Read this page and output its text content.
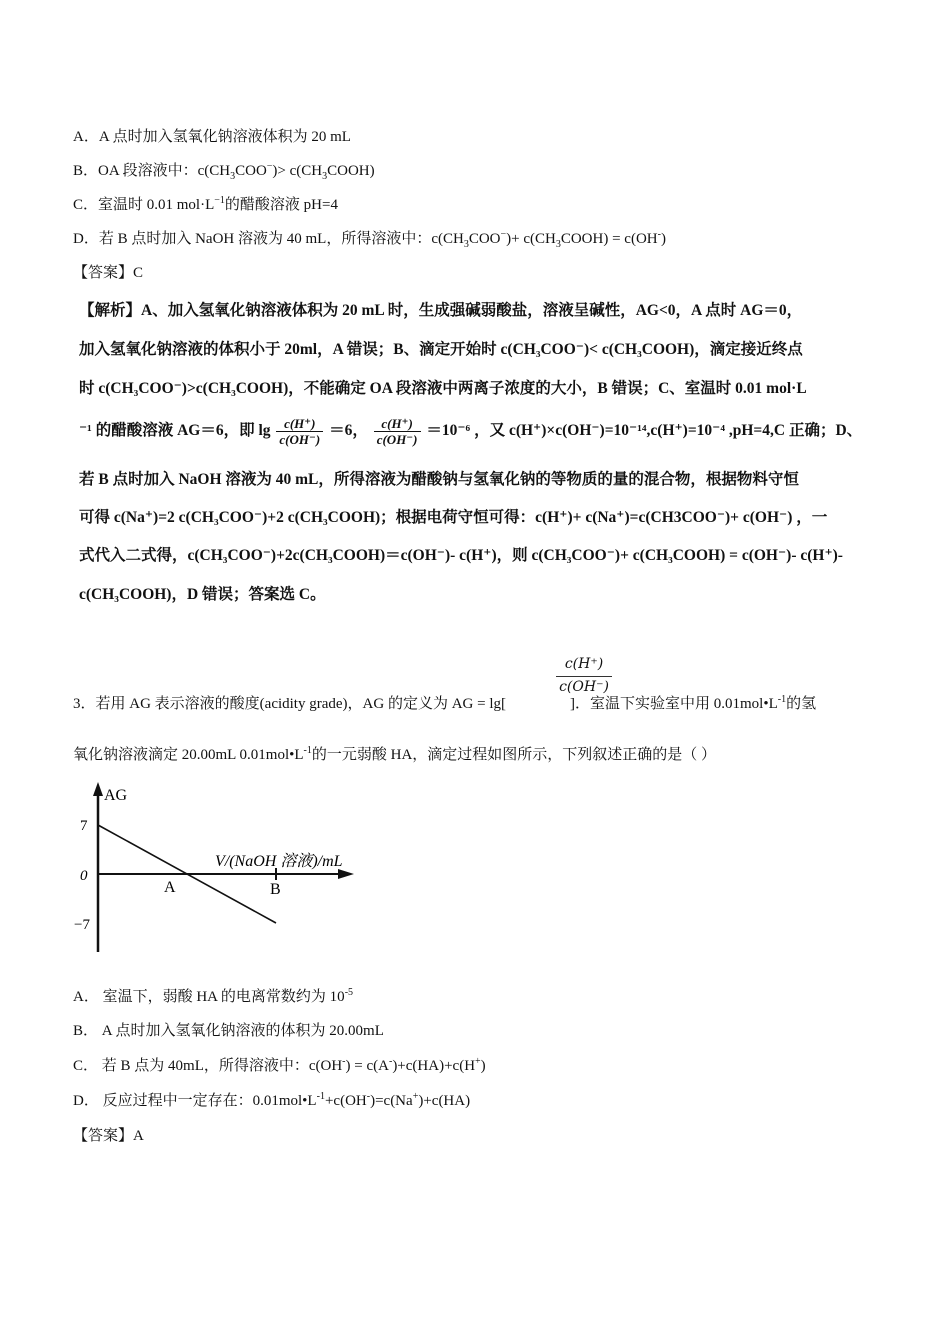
A．A 点时加入氢氧化钠溶液体积为 20 mL
B．OA 段溶液中：$c(CH_3COO^-)>$ $c(CH_3COOH)$
C．室温时 0.01 $mol\cdot L^{-1}$的醋酸溶液 pH=4
D．若 B 点时加入 NaOH 溶液为 40 mL，所得溶液中：$c(CH_3COO^-)+$ $c(CH_3COOH) = c(OH^-)$
【答案】C
【解析】A、加入氢氧化钠溶液体积为 20 mL 时，生成强碱弱酸盐，溶液呈碱性，AG<0，A 点时 AG＝0，
加入氢氧化钠溶液的体积小于 20ml，A 错误；B、滴定开始时 c(CH₃COO⁻)< c(CH₃COOH)，滴定接近终点
时 c(CH₃COO⁻)>c(CH₃COOH)，不能确定 OA 段溶液中两离子浓度的大小，B 错误；C、室温时 0.01 mol·L
⁻¹ 的醋酸溶液 AG＝6，即 $\lg \frac{c(H^+)}{c(OH^-)} =6$， $\frac{c(H^+)}{c(OH^-)} =10^{-6}$ ，又 c(H⁺)×c(OH⁻)=10⁻¹⁴,c(H⁺)=10⁻⁴ ,pH=4,C 正确；D、
若 B 点时加入 NaOH 溶液为 40 mL，所得溶液为醋酸钠与氢氧化钠的等物质的量的混合物，根据物料守恒
可得 c(Na⁺)=2 c(CH₃COO⁻)+2 c(CH₃COOH)；根据电荷守恒可得：c(H⁺)+ c(Na⁺)=c(CH3COO⁻)+ c(OH⁻) ，一
式代入二式得，c(CH₃COO⁻)+2c(CH₃COOH)＝c(OH⁻)- c(H⁺)，则 c(CH₃COO⁻)+ c(CH₃COOH) = c(OH⁻)- c(H⁺)-
c(CH₃COOH)，D 错误；答案选 C。
$\frac{c(H^+)}{c(OH^-)}$
3．若用 AG 表示溶液的酸度(acidity grade)，AG 的定义为 AG = lg[	]．室温下实验室中用 $0.01mol•L^{-1}$的氢
氧化钠溶液滴定 20.00mL $0.01mol•L^{-1}$的一元弱酸 HA，滴定过程如图所示，下列叙述正确的是（ ）
AG
V/(NaOH 溶液)/mL
7
0
−7
A	B
A． 室温下，弱酸 HA 的电离常数约为 $10^{-5}$
B． A 点时加入氢氧化钠溶液的体积为 20.00mL
C． 若 B 点为 40mL，所得溶液中：c(OH-) = c(A-)+c(HA)+c(H+)
D． 反应过程中一定存在：$0.01mol•L^{-1}+c(OH^-)=c(Na^+)+c(HA)$
【答案】A
